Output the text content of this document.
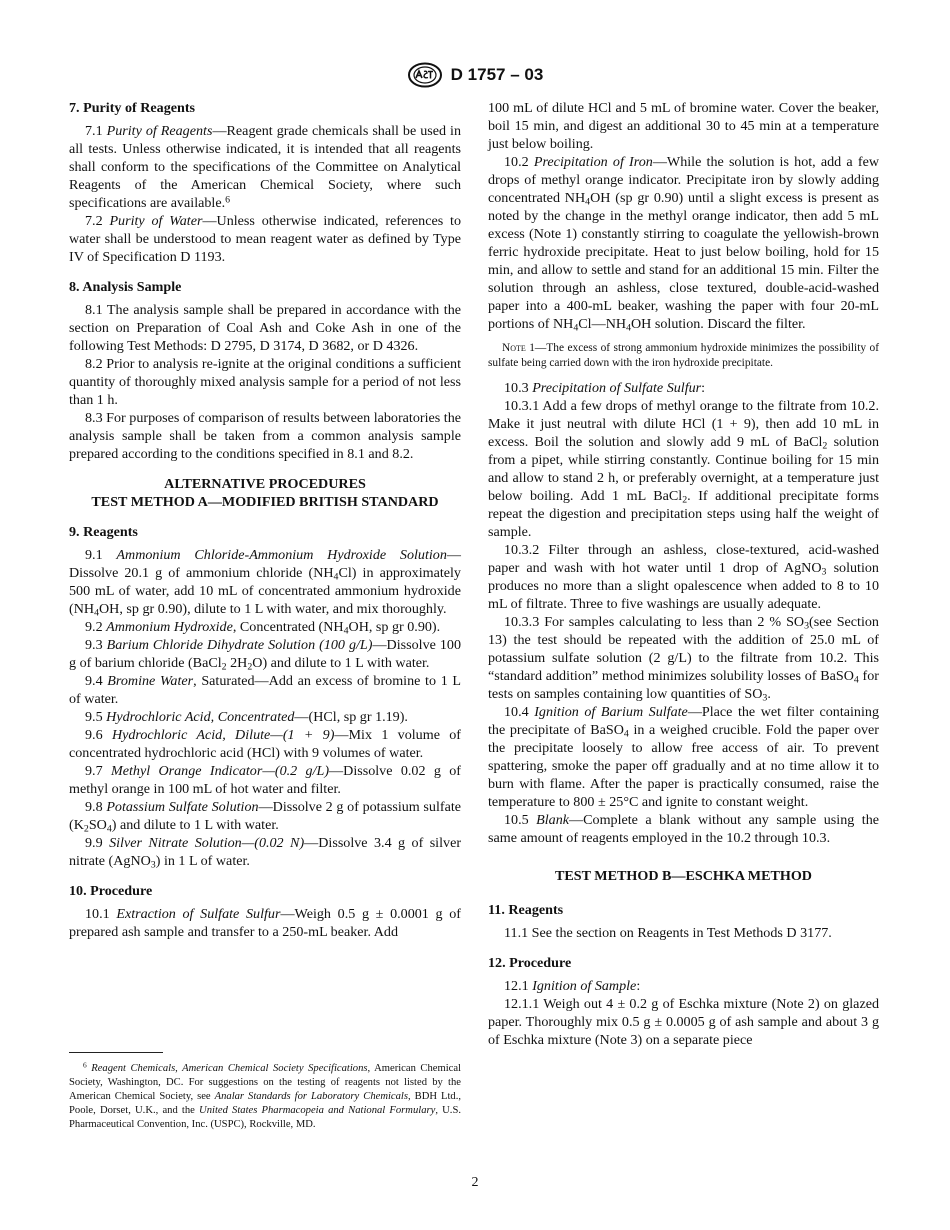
D 1757 – 03

7. Purity of Reagents

7.1 Purity of Reagents—Reagent grade chemicals shall be used in all tests. Unless otherwise indicated, it is intended that all reagents shall conform to the specifications of the Committee on Analytical Reagents of the American Chemical Society, where such specifications are available.$^6$

7.2 Purity of Water—Unless otherwise indicated, references to water shall be understood to mean reagent water as defined by Type IV of Specification D 1193.

8. Analysis Sample

8.1 The analysis sample shall be prepared in accordance with the section on Preparation of Coal Ash and Coke Ash in one of the following Test Methods: D 2795, D 3174, D 3682, or D 4326.

8.2 Prior to analysis re-ignite at the original conditions a sufficient quantity of thoroughly mixed analysis sample for a period of not less than 1 h.

8.3 For purposes of comparison of results between laboratories the analysis sample shall be taken from a common analysis sample prepared according to the conditions specified in 8.1 and 8.2.

ALTERNATIVE PROCEDURES

TEST METHOD A—MODIFIED BRITISH STANDARD

9. Reagents

9.1 Ammonium Chloride-Ammonium Hydroxide Solution—Dissolve 20.1 g of ammonium chloride $(NH_4Cl)$ in approximately 500 mL of water, add 10 mL of concentrated ammonium hydroxide ($NH_4OH$, sp gr 0.90), dilute to 1 L with water, and mix thoroughly.

9.2 Ammonium Hydroxide, Concentrated ($NH_4OH$, sp gr 0.90).

9.3 Barium Chloride Dihydrate Solution (100 g/L)—Dissolve 100 g of barium chloride (BaCl$_2$ $2H_2O$) and dilute to 1 L with water.

9.4 Bromine Water, Saturated—Add an excess of bromine to 1 L of water.

9.5 Hydrochloric Acid, Concentrated—(HCl, sp gr 1.19).

9.6 Hydrochloric Acid, Dilute—(1 + 9)—Mix 1 volume of concentrated hydrochloric acid (HCl) with 9 volumes of water.

9.7 Methyl Orange Indicator—(0.2 g/L)—Dissolve 0.02 g of methyl orange in 100 mL of hot water and filter.

9.8 Potassium Sulfate Solution—Dissolve 2 g of potassium sulfate $(K_2SO_4)$ and dilute to 1 L with water.

9.9 Silver Nitrate Solution—(0.02 N)—Dissolve 3.4 g of silver nitrate (AgNO$_3$) in 1 L of water.

10. Procedure

10.1 Extraction of Sulfate Sulfur—Weigh 0.5 g ± 0.0001 g of prepared ash sample and transfer to a 250-mL beaker. Add

100 mL of dilute HCl and 5 mL of bromine water. Cover the beaker, boil 15 min, and digest an additional 30 to 45 min at a temperature just below boiling.

10.2 Precipitation of Iron—While the solution is hot, add a few drops of methyl orange indicator. Precipitate iron by slowly adding concentrated $NH_4OH$ (sp gr 0.90) until a slight excess is present as noted by the change in the methyl orange indicator, then add 5 mL excess (Note 1) constantly stirring to coagulate the yellowish-brown ferric hydroxide precipitate. Heat to just below boiling, hold for 15 min, and allow to settle and stand for an additional 15 min. Filter the solution through an ashless, close textured, double-acid-washed paper into a 400-mL beaker, washing the paper with four 20-mL portions of $NH_4Cl—NH_4OH$ solution. Discard the filter.

Note 1—The excess of strong ammonium hydroxide minimizes the possibility of sulfate being carried down with the iron hydroxide precipitate.

10.3 Precipitation of Sulfate Sulfur:

10.3.1 Add a few drops of methyl orange to the filtrate from 10.2. Make it just neutral with dilute HCl (1 + 9), then add 10 mL in excess. Boil the solution and slowly add 9 mL of BaCl$_2$ solution from a pipet, while stirring constantly. Continue boiling for 15 min and allow to stand 2 h, or preferably overnight, at a temperature just below boiling. Add 1 mL BaCl$_2$. If additional precipitate forms repeat the digestion and precipitation steps using half the weight of sample.

10.3.2 Filter through an ashless, close-textured, acid-washed paper and wash with hot water until 1 drop of AgNO$_3$ solution produces no more than a slight opalescence when added to 8 to 10 mL of filtrate. Three to five washings are usually adequate.

10.3.3 For samples calculating to less than 2 % $SO_3(see$ Section 13) the test should be repeated with the addition of 25.0 mL of potassium sulfate solution (2 g/L) to the filtrate from 10.2. This “standard addition” method minimizes solubility losses of BaSO$_4$ for tests on samples containing low quantities of $SO_3$.

10.4 Ignition of Barium Sulfate—Place the wet filter containing the precipitate of BaSO$_4$ in a weighed crucible. Fold the paper over the precipitate loosely to allow free access of air. To prevent spattering, smoke the paper off gradually and at no time allow it to burn with flame. After the paper is practically consumed, raise the temperature to 800 ± 25°C and ignite to constant weight.

10.5 Blank—Complete a blank without any sample using the same amount of reagents employed in the 10.2 through 10.3.

TEST METHOD B—ESCHKA METHOD

11. Reagents

11.1 See the section on Reagents in Test Methods D 3177.

12. Procedure

12.1 Ignition of Sample:

12.1.1 Weigh out 4 ± 0.2 g of Eschka mixture (Note 2) on glazed paper. Thoroughly mix 0.5 g ± 0.0005 g of ash sample and about 3 g of Eschka mixture (Note 3) on a separate piece

$^6$ Reagent Chemicals, American Chemical Society Specifications, American Chemical Society, Washington, DC. For suggestions on the testing of reagents not listed by the American Chemical Society, see Analar Standards for Laboratory Chemicals, BDH Ltd., Poole, Dorset, U.K., and the United States Pharmacopeia and National Formulary, U.S. Pharmaceutical Convention, Inc. (USPC), Rockville, MD.

2
